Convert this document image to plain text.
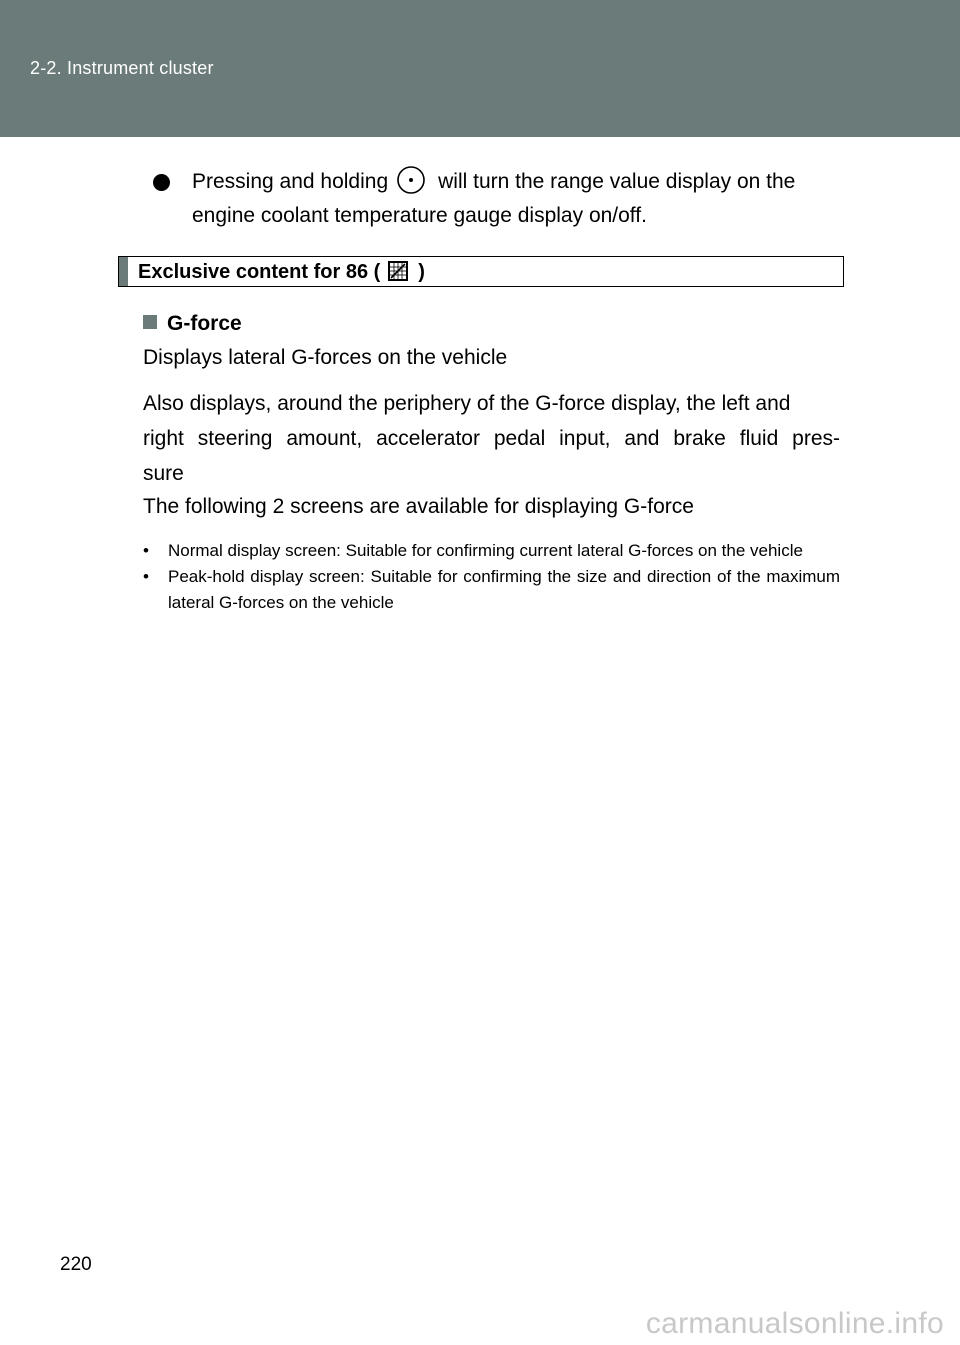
2-2. Instrument cluster
Pressing and holding will turn the range value display on the
engine coolant temperature gauge display on/off.
Exclusive content for 86 ( )
G-force
Displays lateral G-forces on the vehicle
Also displays, around the periphery of the G-force display, the left and
right steering amount, accelerator pedal input, and brake fluid pres-
sure
The following 2 screens are available for displaying G-force
• Normal display screen: Suitable for confirming current lateral G-forces on the vehicle
• Peak-hold display screen: Suitable for confirming the size and direction of the maximum lateral G-forces on the vehicle
220
carmanualsonline.info
